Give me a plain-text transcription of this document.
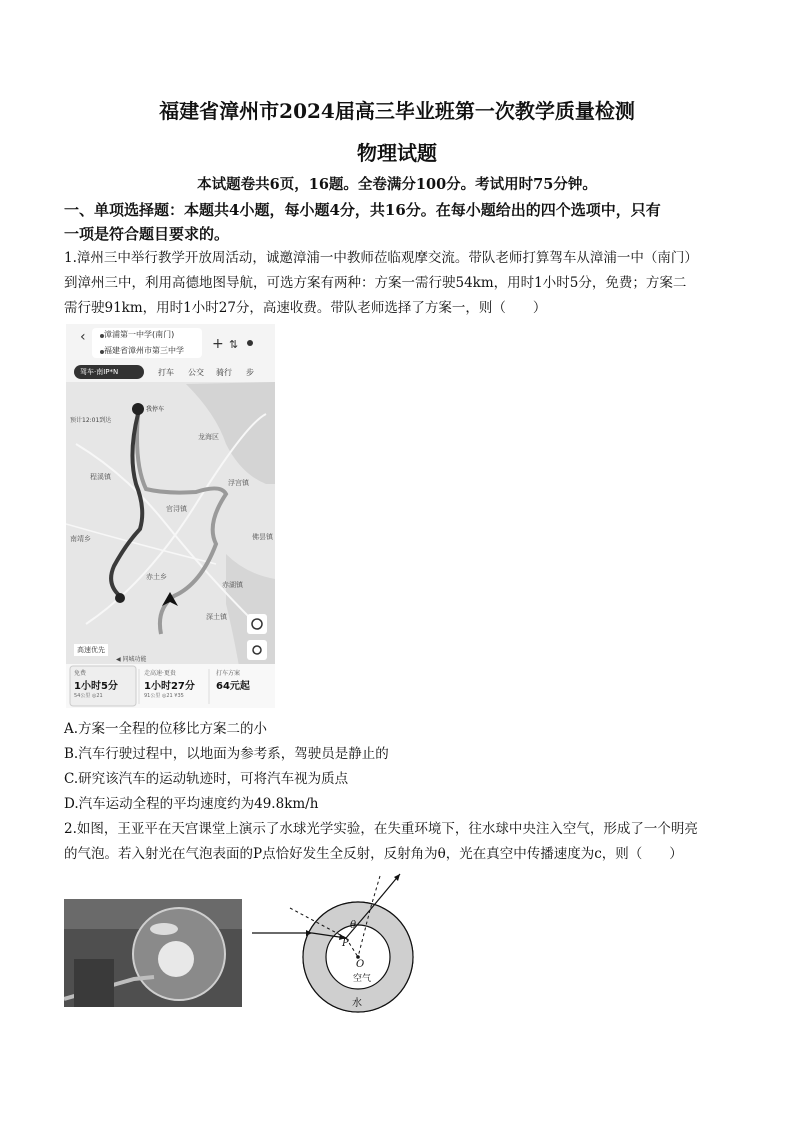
福建省漳州市2024届高三毕业班第一次教学质量检测
物理试题
本试题卷共6页，16题。全卷满分100分。考试用时75分钟。
一、单项选择题：本题共4小题，每小题4分，共16分。在每小题给出的四个选项中，只有
一项是符合题目要求的。
1.漳州三中举行教学开放周活动，诚邀漳浦一中教师莅临观摩交流。带队老师打算驾车从漳浦一中（南门）
到漳州三中，利用高德地图导航，可选方案有两种：方案一需行驶54km，用时1小时5分，免费；方案二
需行驶91km，用时1小时27分，高速收费。带队老师选择了方案一，则（　　）
‹	+ ⇅
漳浦第一中学(南门)
福建省漳州市第三中学
驾车·南IP*N	打车 公交 骑行 步
我停车
预计12:01到达
程溪镇
南靖乡
官浔镇
赤土乡
深土镇
赤湖镇
浮宫镇
佛昙镇
龙海区
高速优先
◀ 同城功能
免费
1小时5分
54公里 ◎21
走高速·更贵
1小时27分
91公里 ◎21 ¥35
打车方案
64元起
A.方案一全程的位移比方案二的小
B.汽车行驶过程中，以地面为参考系，驾驶员是静止的
C.研究该汽车的运动轨迹时，可将汽车视为质点
D.汽车运动全程的平均速度约为49.8km/h
2.如图，王亚平在天宫课堂上演示了水球光学实验，在失重环境下，往水球中央注入空气，形成了一个明亮
的气泡。若入射光在气泡表面的P点恰好发生全反射，反射角为θ，光在真空中传播速度为c，则（　　）
θ
P
O
空气
水
